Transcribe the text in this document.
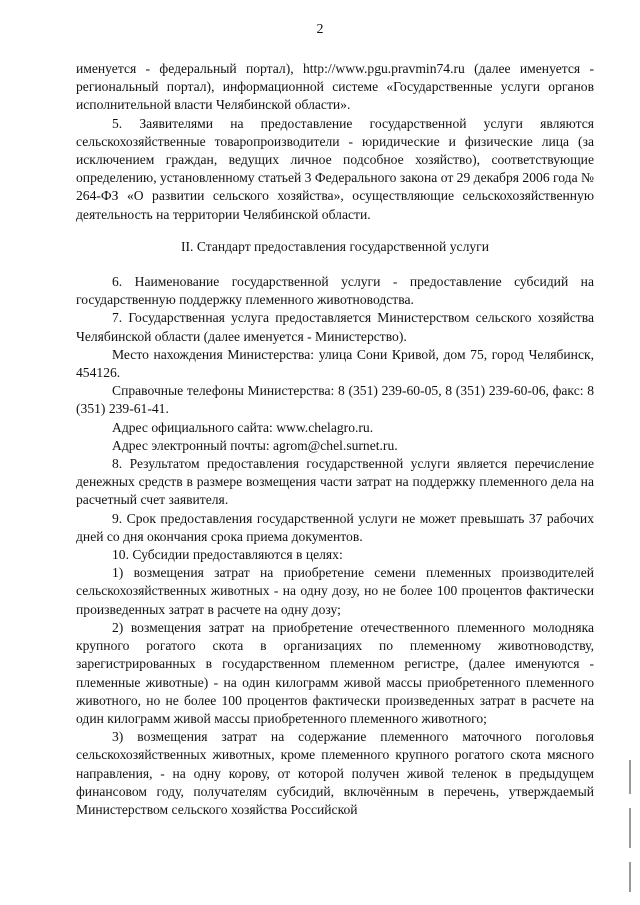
2

именуется - федеральный портал), http://www.pgu.pravmin74.ru (далее именуется - региональный портал), информационной системе «Государственные услуги органов исполнительной власти Челябинской области».

5. Заявителями на предоставление государственной услуги являются сельскохозяйственные товаропроизводители - юридические и физические лица (за исключением граждан, ведущих личное подсобное хозяйство), соответствующие определению, установленному статьей 3 Федерального закона от 29 декабря 2006 года № 264-ФЗ «О развитии сельского хозяйства», осуществляющие сельскохозяйственную деятельность на территории Челябинской области.

II. Стандарт предоставления государственной услуги

6. Наименование государственной услуги - предоставление субсидий на государственную поддержку племенного животноводства.

7. Государственная услуга предоставляется Министерством сельского хозяйства Челябинской области (далее именуется - Министерство).

Место нахождения Министерства: улица Сони Кривой, дом 75, город Челябинск, 454126.

Справочные телефоны Министерства: 8 (351) 239-60-05, 8 (351) 239-60-06, факс: 8 (351) 239-61-41.

Адрес официального сайта: www.chelagro.ru.

Адрес электронный почты: agrom@chel.surnet.ru.

8. Результатом предоставления государственной услуги является перечисление денежных средств в размере возмещения части затрат на поддержку племенного дела на расчетный счет заявителя.

9. Срок предоставления государственной услуги не может превышать 37 рабочих дней со дня окончания срока приема документов.

10. Субсидии предоставляются в целях:

1) возмещения затрат на приобретение семени племенных производителей сельскохозяйственных животных - на одну дозу, но не более 100 процентов фактически произведенных затрат в расчете на одну дозу;

2) возмещения затрат на приобретение отечественного племенного молодняка крупного рогатого скота в организациях по племенному животноводству, зарегистрированных в государственном племенном регистре, (далее именуются - племенные животные) - на один килограмм живой массы приобретенного племенного животного, но не более 100 процентов фактически произведенных затрат в расчете на один килограмм живой массы приобретенного племенного животного;

3) возмещения затрат на содержание племенного маточного поголовья сельскохозяйственных животных, кроме племенного крупного рогатого скота мясного направления, - на одну корову, от которой получен живой теленок в предыдущем финансовом году, получателям субсидий, включённым в перечень, утверждаемый Министерством сельского хозяйства Российской
